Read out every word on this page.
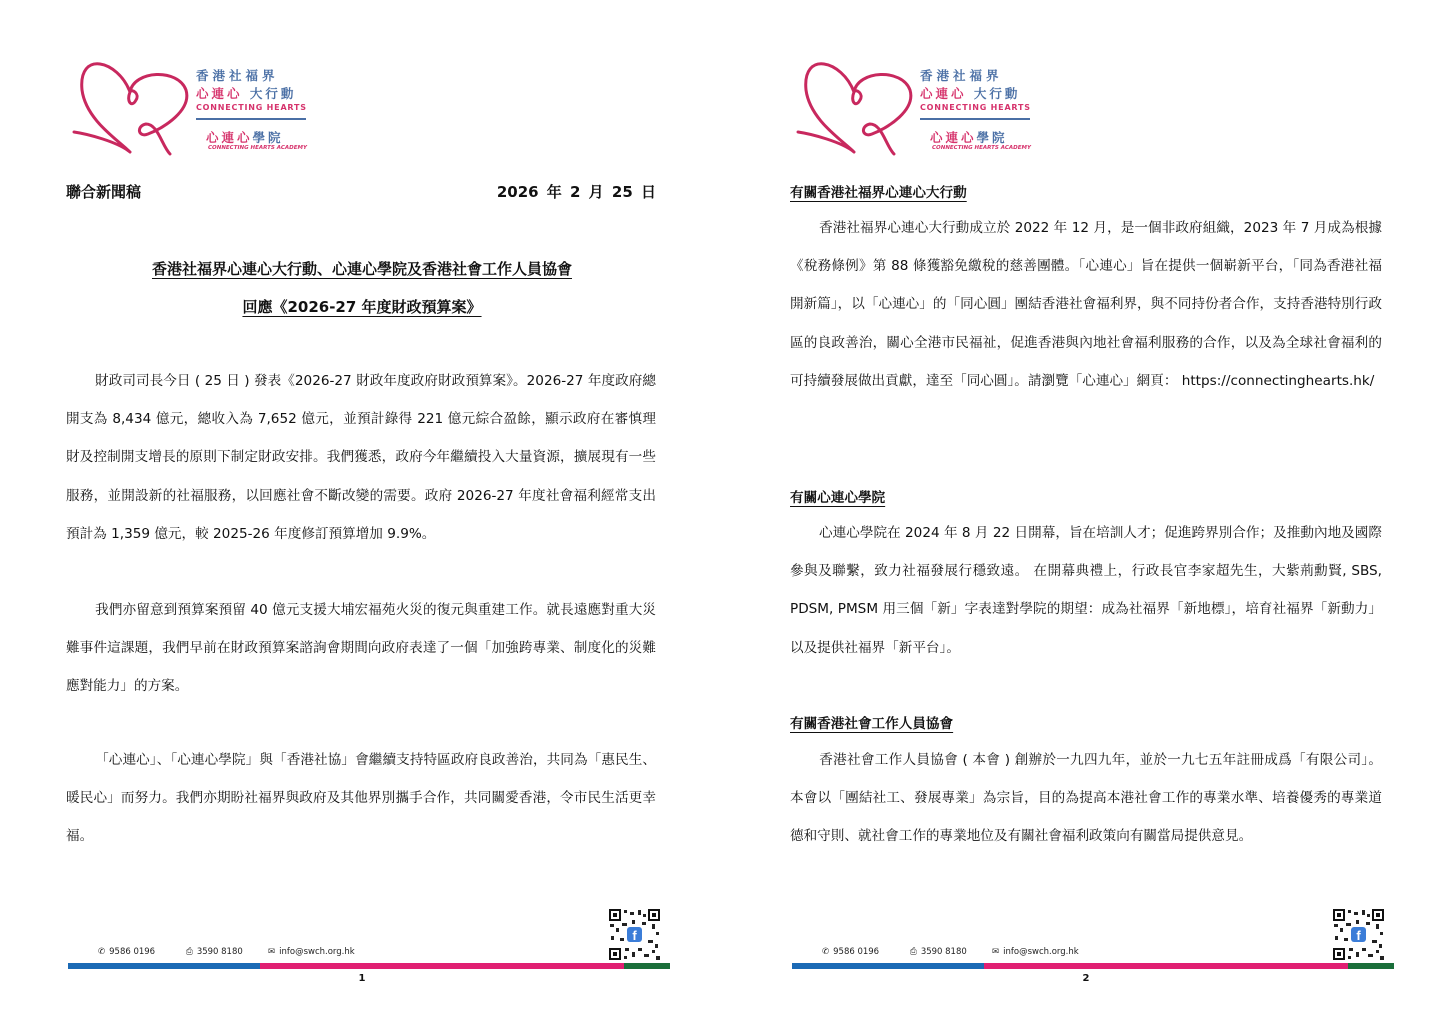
香港社福界
心連心 大行動
CONNECTING HEARTS
心連心學院
CONNECTING HEARTS ACADEMY
聯合新聞稿	2026 年 2 月 25 日
香港社福界心連心大行動、心連心學院及香港社會工作人員協會
回應《2026-27 年度財政預算案》
財政司司長今日 ( 25 日 ) 發表《2026-27 財政年度政府財政預算案》。2026-27 年度政府總開支為 8,434 億元，總收入為 7,652 億元，並預計錄得 221 億元綜合盈餘，顯示政府在審慎理財及控制開支增長的原則下制定財政安排。我們獲悉，政府今年繼續投入大量資源，擴展現有一些服務，並開設新的社福服務，以回應社會不斷改變的需要。政府 2026-27 年度社會福利經常支出預計為 1,359 億元，較 2025-26 年度修訂預算增加 9.9%。
我們亦留意到預算案預留 40 億元支援大埔宏福苑火災的復元與重建工作。就長遠應對重大災難事件這課題，我們早前在財政預算案諮詢會期間向政府表達了一個「加強跨專業、制度化的災難應對能力」的方案。
「心連心」、「心連心學院」與「香港社協」會繼續支持特區政府良政善治，共同為「惠民生、暖民心」而努力。我們亦期盼社福界與政府及其他界別攜手合作，共同關愛香港，令市民生活更幸福。
✆ 9586 0196	⎙ 3590 8180	✉ info@swch.org.hk
f
1
香港社福界
心連心 大行動
CONNECTING HEARTS
心連心學院
CONNECTING HEARTS ACADEMY
有關香港社福界心連心大行動
香港社福界心連心大行動成立於 2022 年 12 月，是一個非政府組織，2023 年 7 月成為根據《稅務條例》第 88 條獲豁免繳稅的慈善團體。「心連心」旨在提供一個嶄新平台，「同為香港社福開新篇」，以「心連心」的「同心圓」團結香港社會福利界，與不同持份者合作，支持香港特別行政區的良政善治，關心全港市民福祉，促進香港與內地社會福利服務的合作，以及為全球社會福利的可持續發展做出貢獻，達至「同心圓」。請瀏覽「心連心」網頁： https://connectinghearts.hk/
有關心連心學院
心連心學院在 2024 年 8 月 22 日開幕，旨在培訓人才；促進跨界別合作；及推動內地及國際參與及聯繫，致力社福發展行穩致遠。 在開幕典禮上，行政長官李家超先生，大紫荊勳賢, SBS, PDSM, PMSM 用三個「新」字表達對學院的期望：成為社福界「新地標」，培育社福界「新動力」以及提供社福界「新平台」。
有關香港社會工作人員協會
香港社會工作人員協會 ( 本會 ) 創辦於一九四九年，並於一九七五年註冊成爲「有限公司」。本會以「團結社工、發展專業」為宗旨，目的為提高本港社會工作的專業水準、培養優秀的專業道德和守則、就社會工作的專業地位及有關社會福利政策向有關當局提供意見。
✆ 9586 0196	⎙ 3590 8180	✉ info@swch.org.hk
f
2
